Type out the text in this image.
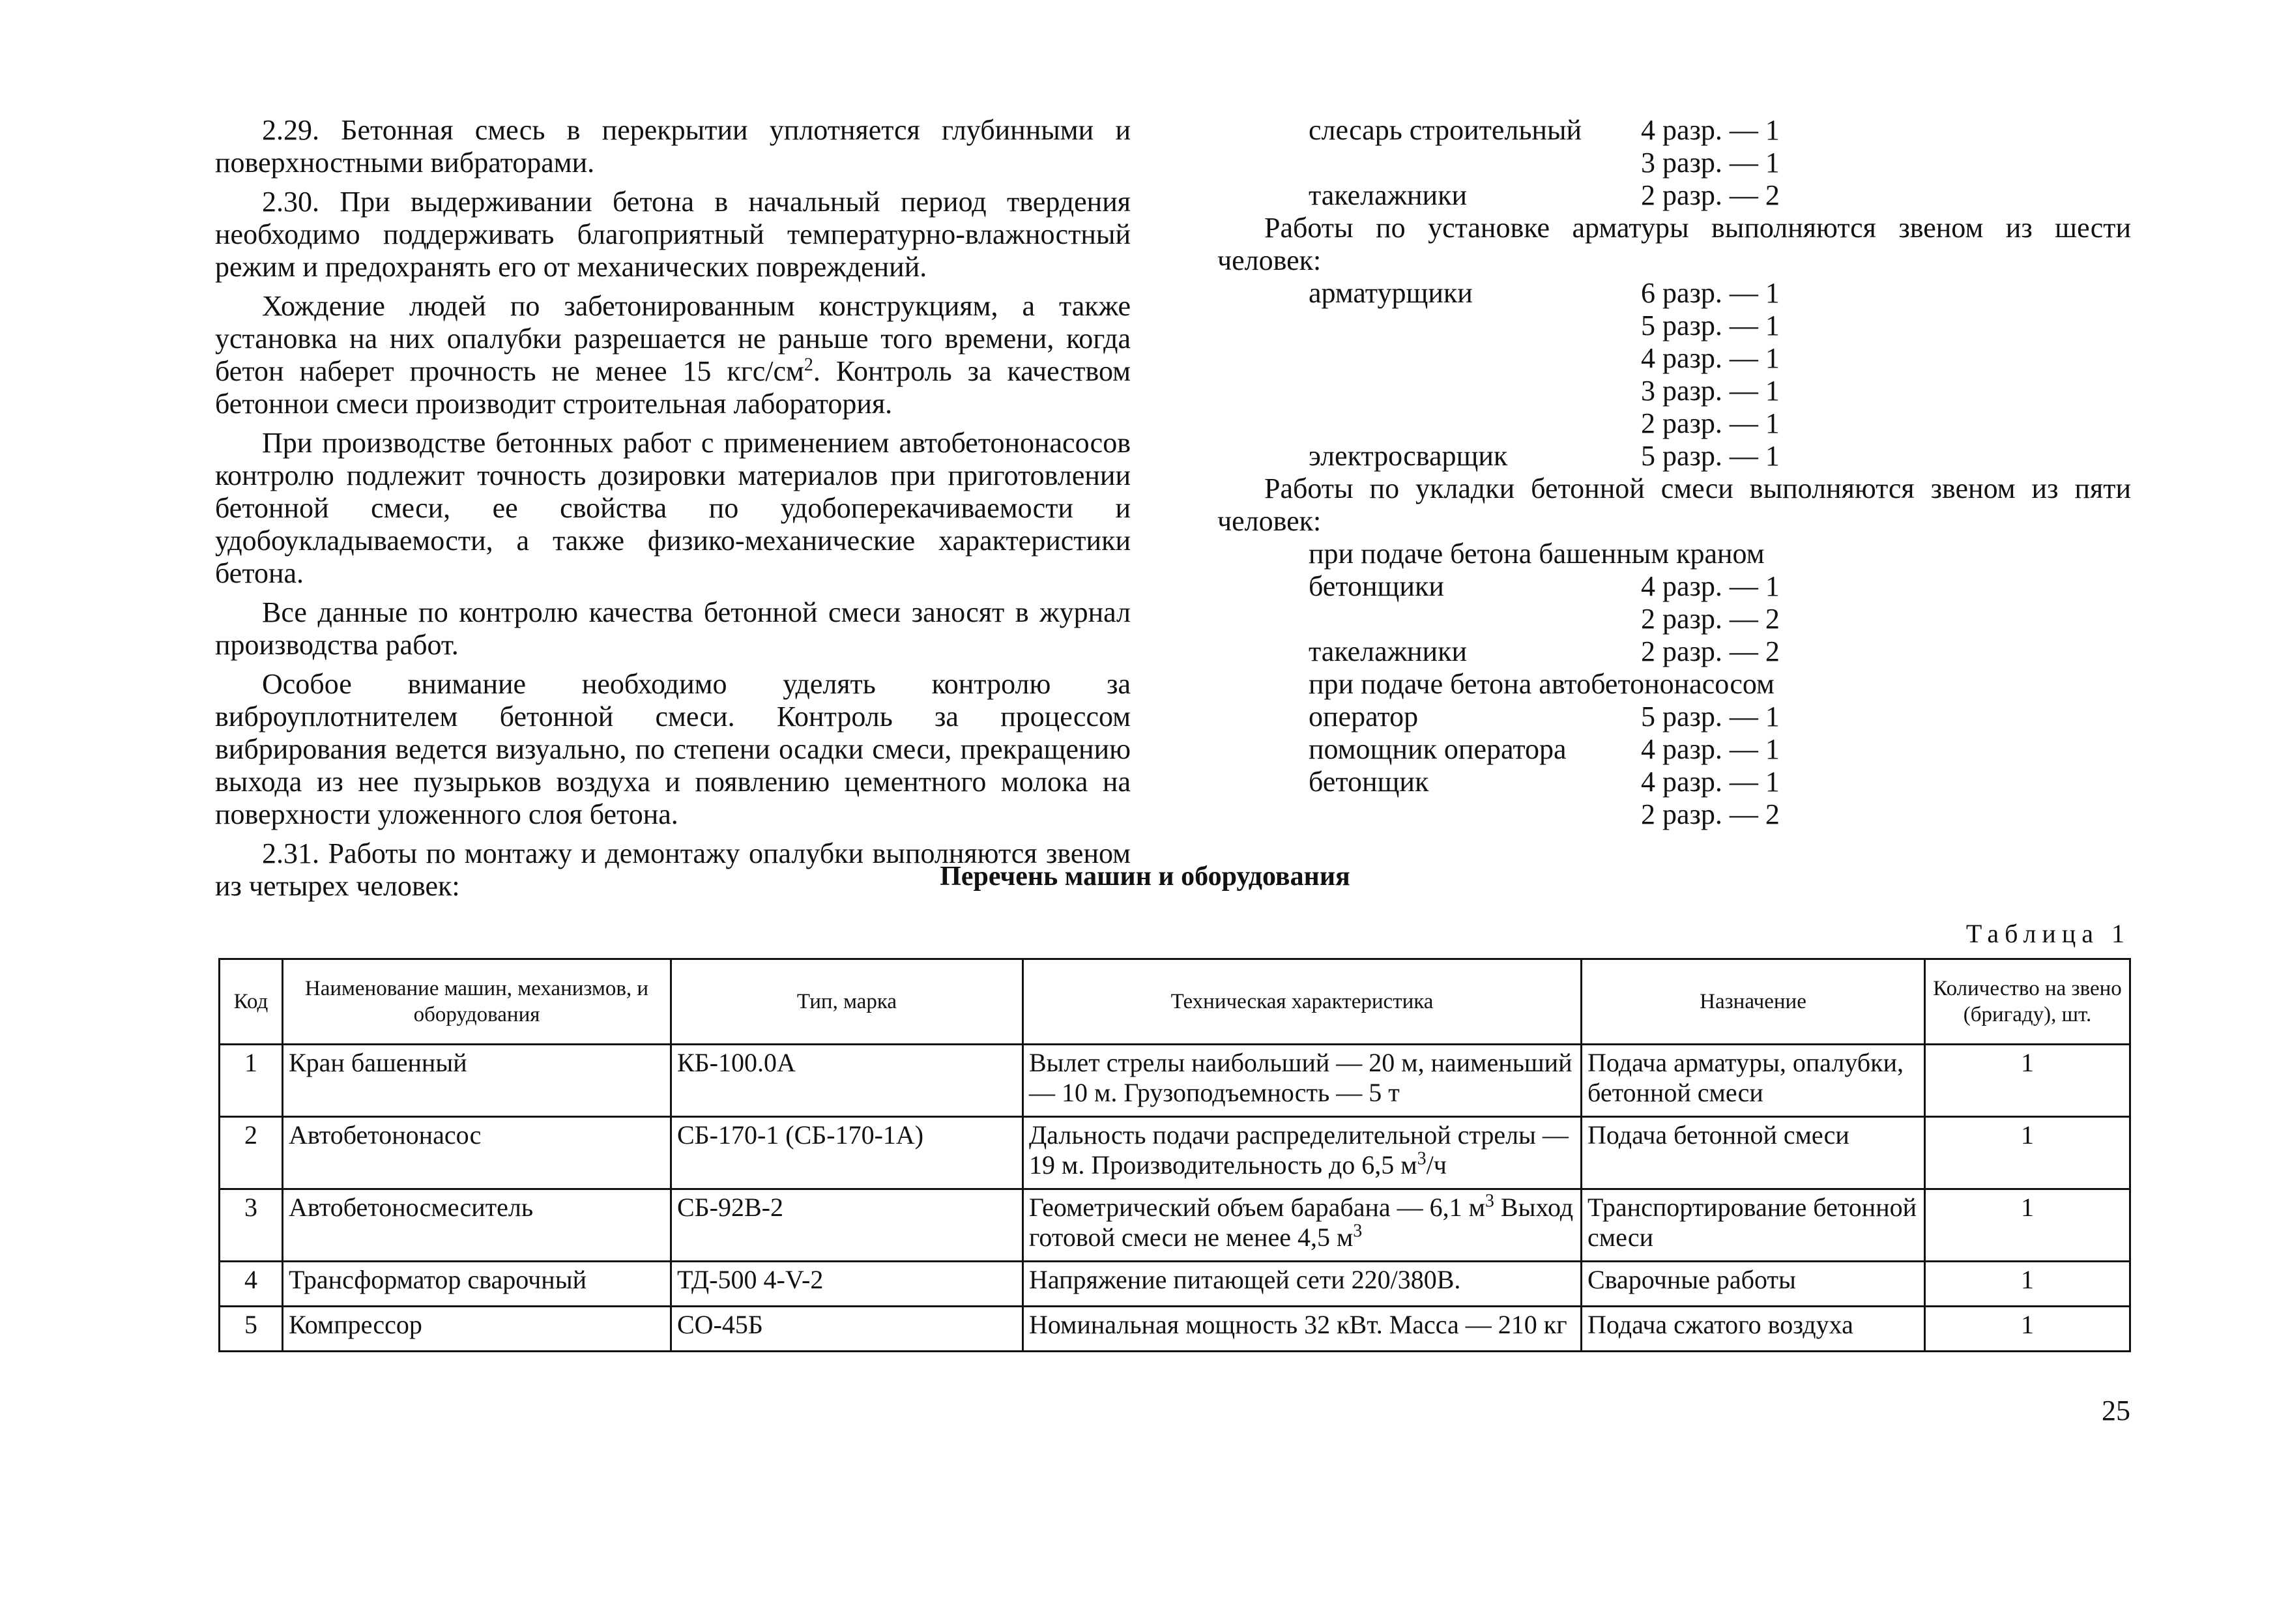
2.29. Бетонная смесь в перекрытии уплотняется глубинными и поверхностными вибраторами.

2.30. При выдерживании бетона в начальный период твердения необходимо поддерживать благоприятный температурно-влажностный режим и предохранять его от механических повреждений.

Хождение людей по забетонированным конструкциям, а также установка на них опалубки разрешается не раньше того времени, когда бетон наберет прочность не менее 15 кгс/$см^2$. Контроль за качеством бетоннои смеси производит строительная лаборатория.

При производстве бетонных работ с применением автобетононасосов контролю подлежит точность дозировки материалов при приготовлении бетонной смеси, ее свойства по удобоперекачиваемости и удобоукладываемости, а также физико-механические характеристики бетона.

Все данные по контролю качества бетонной смеси заносят в журнал производства работ.

Особое внимание необходимо уделять контролю за виброуплотнителем бетонной смеси. Контроль за процессом вибрирования ведется визуально, по степени осадки смеси, прекращению выхода из нее пузырьков воздуха и появлению цементного молока на поверхности уложенного слоя бетона.

2.31. Работы по монтажу и демонтажу опалубки выполняются звеном из четырех человек:

слесарь строительный 4 разр. — 1
3 разр. — 1
такелажники	2 разр. — 2

Работы по установке арматуры выполняются звеном из шести человек:

арматурщики	6 разр. — 1
5 разр. — 1
4 разр. — 1
3 разр. — 1
2 разр. — 1
электросварщик	5 разр. — 1

Работы по укладки бетонной смеси выполняются звеном из пяти человек:

при подаче бетона башенным краном
бетонщики	4 разр. — 1
2 разр. — 2
такелажники	2 разр. — 2
при подаче бетона автобетононасосом
оператор	5 разр. — 1
помощник оператора	4 разр. — 1
бетонщик	4 разр. — 1
2 разр. — 2
Перечень машин и оборудования
Таблица 1
Код	Наименование машин, механизмов, и оборудования	Тип, марка	Техническая характеристика	Назначение	Количество на звено (бригаду), шт.
1	Кран башенный	КБ-100.0А	Вылет стрелы наибольший — 20 м, наименьший — 10 м. Грузоподъемность — 5 т	Подача арматуры, опалубки, бетонной смеси	1
2	Автобетононасос	СБ-170-1 (СБ-170-1А)	Дальность подачи распределительной стрелы — 19 м. Производительность до 6,5 $м^3/ч$	Подача бетонной смеси	1
3	Автобетоносмеситель	СБ-92В-2	Геометрический объем барабана — 6,1 $м^3$ Выход готовой смеси не менее 4,5 $м^3$	Транспортирование бетонной смеси	1
4	Трансформатор сварочный	ТД-500 4-V-2	Напряжение питающей сети 220/380В.	Сварочные работы	1
5	Компрессор	СО-45Б	Номинальная мощность 32 кВт. Масса — 210 кг	Подача сжатого воздуха	1
25
